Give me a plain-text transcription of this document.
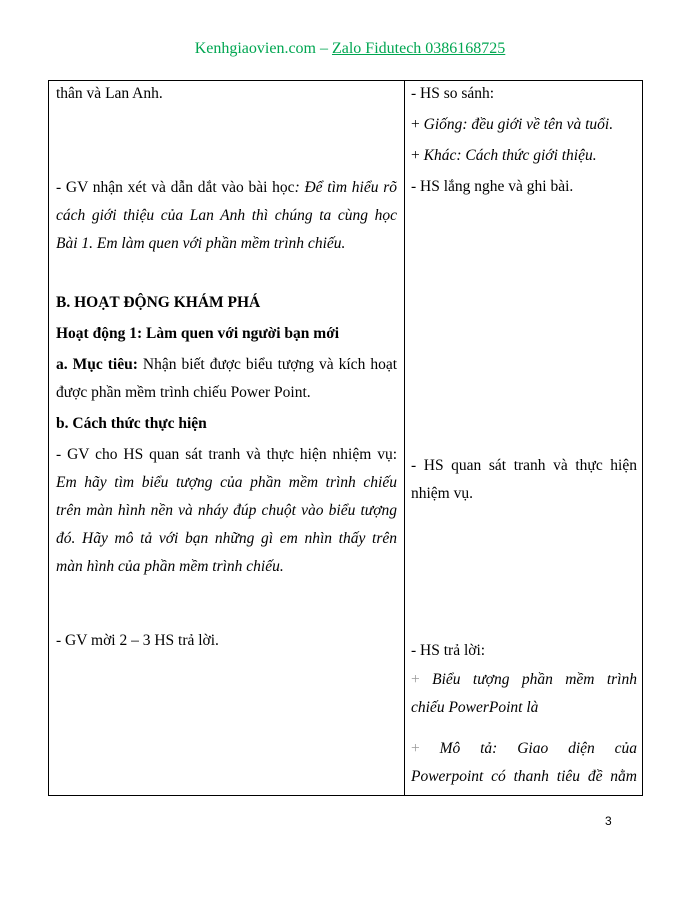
Kenhgiaovien.com – Zalo Fidutech 0386168725
thân và Lan Anh.
- GV nhận xét và dẫn dắt vào bài học: Để tìm hiểu rõ
cách giới thiệu của Lan Anh thì chúng ta cùng học
Bài 1. Em làm quen với phần mềm trình chiếu.
B. HOẠT ĐỘNG KHÁM PHÁ
Hoạt động 1: Làm quen với người bạn mới
a. Mục tiêu: Nhận biết được biểu tượng và kích hoạt
được phần mềm trình chiếu Power Point.
b. Cách thức thực hiện
- GV cho HS quan sát tranh và thực hiện nhiệm vụ:
Em hãy tìm biểu tượng của phần mềm trình chiếu
trên màn hình nền và nháy đúp chuột vào biểu tượng
đó. Hãy mô tả với bạn những gì em nhìn thấy trên
màn hình của phần mềm trình chiếu.
- GV mời 2 – 3 HS trả lời.

- HS so sánh:
+ Giống: đều giới về tên và tuổi.
+ Khác: Cách thức giới thiệu.
- HS lắng nghe và ghi bài.
- HS quan sát tranh và thực hiện
nhiệm vụ.
- HS trả lời:
+ Biểu tượng phần mềm trình
chiếu PowerPoint là
+ Mô tả: Giao diện của
Powerpoint có thanh tiêu đề nằm
3
